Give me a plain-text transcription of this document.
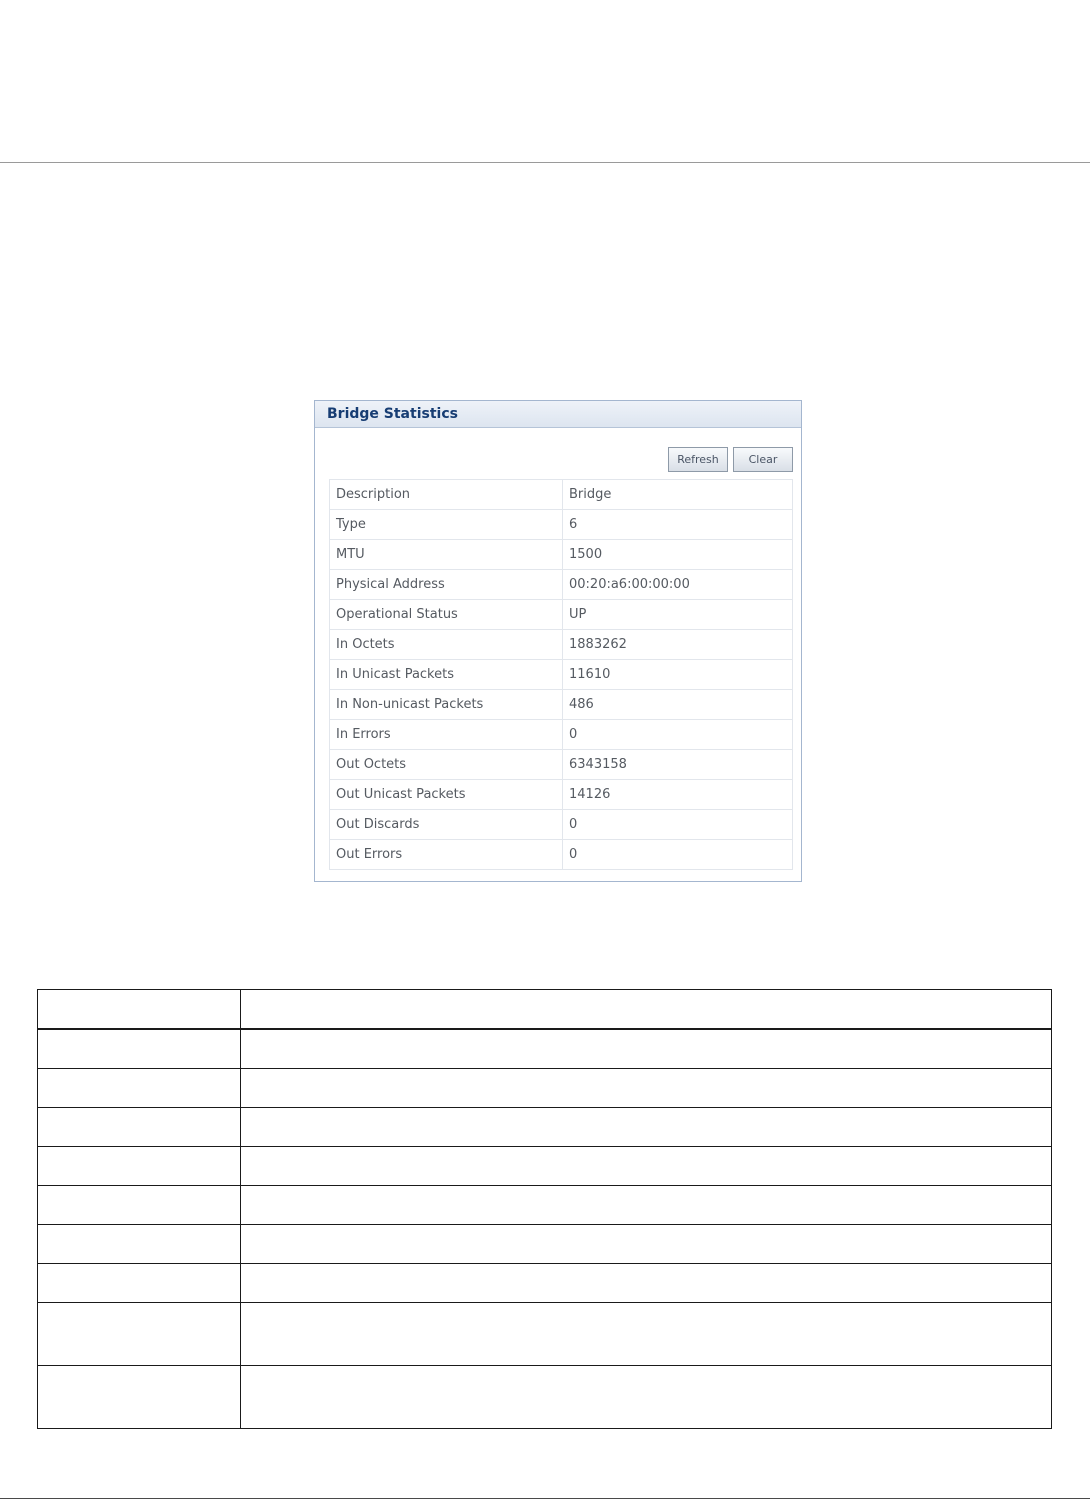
Bridge Statistics
Refresh	Clear
Description	Bridge
Type	6
MTU	1500
Physical Address	00:20:a6:00:00:00
Operational Status	UP
In Octets	1883262
In Unicast Packets	11610
In Non-unicast Packets	486
In Errors	0
Out Octets	6343158
Out Unicast Packets	14126
Out Discards	0
Out Errors	0
